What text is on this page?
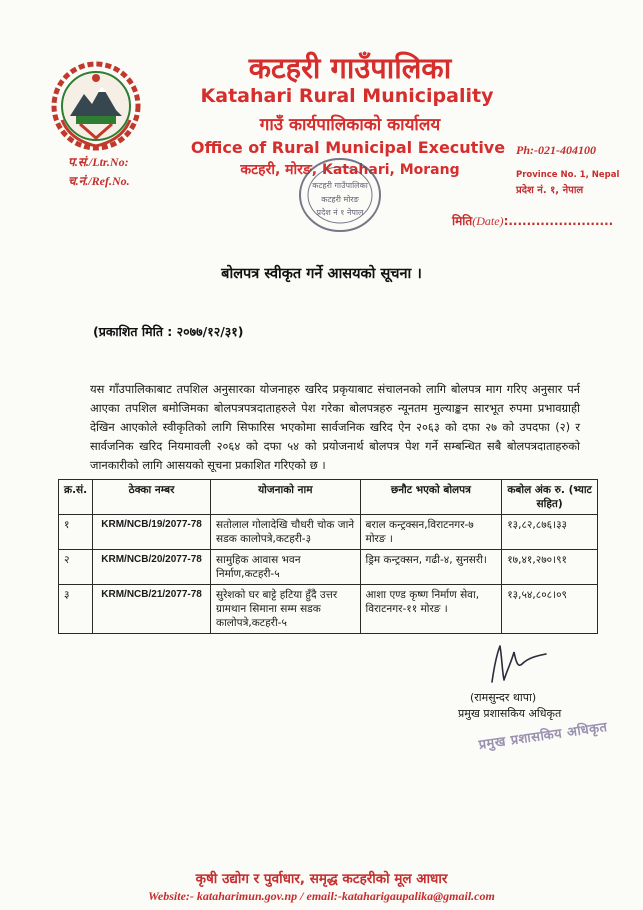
कटहरी गाउँपालिका
Katahari Rural Municipality
गाउँ कार्यपालिकाको कार्यालय
Office of Rural Municipal Executive
कटहरी, मोरङ, Katahari, Morang
Ph:-021-404100
Province No. 1, Nepal
प्रदेश नं. १, नेपाल
प.सं./Ltr.No:
च.नं./Ref.No.
मिति(Date):.......................
कटहरी गाउँपालिका
कटहरी मोरङ
प्रदेश नं १ नेपाल
बोलपत्र स्वीकृत गर्ने आसयको सूचना ।
(प्रकाशित मिति : २०७७/१२/३१)
यस गाँउपालिकाबाट तपशिल अनुसारका योजनाहरु खरिद प्रकृयाबाट संचालनको लागि बोलपत्र माग गरिए अनुसार पर्न आएका तपशिल बमोजिमका बोलपत्रपत्रदाताहरुले पेश गरेका बोलपत्रहरु न्यूनतम मुल्याङ्कन सारभूत रुपमा प्रभावग्राही देखिन आएकोले स्वीकृतिको लागि सिफारिस भएकोमा सार्वजनिक खरिद ऐन २०६३ को दफा २७ को उपदफा (२) र सार्वजनिक खरिद नियमावली २०६४ को दफा ५४ को प्रयोजनार्थ बोलपत्र पेश गर्ने सम्बन्धित सबै बोलपत्रदाताहरुको जानकारीको लागि आसयको सूचना प्रकाशित गरिएको छ ।
क्र.सं.	ठेक्का नम्बर	योजनाको नाम	छनौट भएको बोलपत्र	कबोल अंक रु. (भ्याट सहित)
१	KRM/NCB/19/2077-78	सतोलाल गोलादेखि चौधरी चोक जाने सडक कालोपत्रे,कटहरी-३	बराल कन्ट्रक्सन,विराटनगर-७ मोरङ ।	१३,८२,८७६।३३
२	KRM/NCB/20/2077-78	सामुहिक आवास भवन निर्माण,कटहरी-५	ड्रिम कन्ट्रक्सन, गढी-४, सुनसरी।	१७,४१,२७०।९१
३	KRM/NCB/21/2077-78	सुरेशको घर बाट्टे हटिया हुँदै उत्तर ग्रामथान सिमाना सम्म सडक कालोपत्रे,कटहरी-५	आशा एण्ड कृष्ण निर्माण सेवा, विराटनगर-११ मोरङ ।	१३,५४,८०८।०९
(रामसुन्दर थापा)
प्रमुख प्रशासकिय अधिकृत
प्रमुख प्रशासकिय अधिकृत
कृषी उद्योग र पुर्वाधार, समृद्ध कटहरीको मूल आधार
Website:- kataharimun.gov.np / email:-kataharigaupalika@gmail.com
